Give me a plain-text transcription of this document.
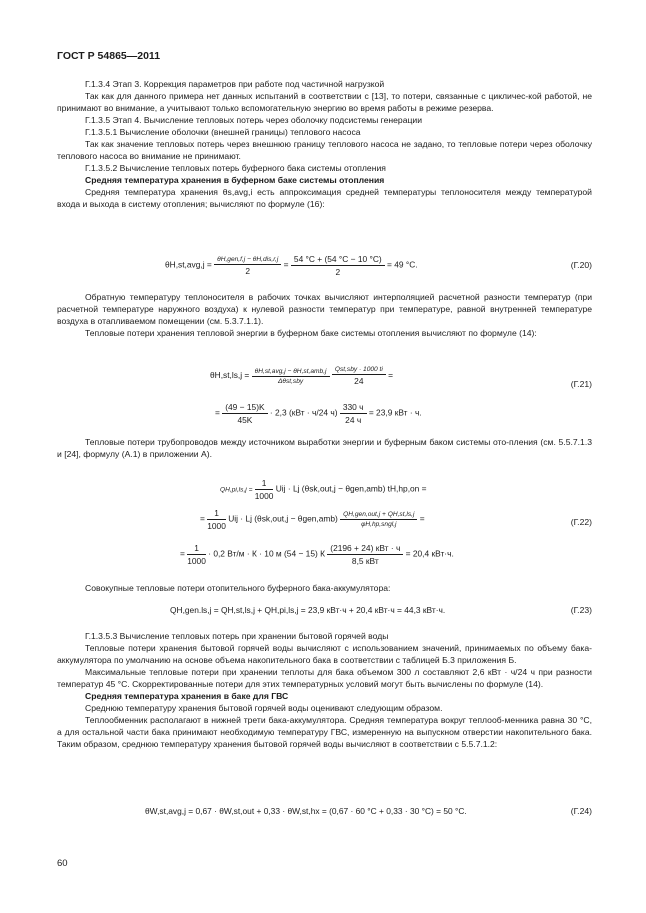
ГОСТ Р 54865—2011

Г.1.3.4 Этап 3. Коррекция параметров при работе под частичной нагрузкой

Так как для данного примера нет данных испытаний в соответствии с [13], то потери, связанные с цикличес-кой работой, не принимают во внимание, а учитывают только вспомогательную энергию во время работы в режиме резерва.

Г.1.3.5 Этап 4. Вычисление тепловых потерь через оболочку подсистемы генерации

Г.1.3.5.1 Вычисление оболочки (внешней границы) теплового насоса

Так как значение тепловых потерь через внешнюю границу теплового насоса не задано, то тепловые потери через оболочку теплового насоса во внимание не принимают.

Г.1.3.5.2 Вычисление тепловых потерь буферного бака системы отопления

Средняя температура хранения в буферном баке системы отопления

Средняя температура хранения θs,avg,i есть аппроксимация средней температуры теплоносителя между температурой входа и выхода в систему отопления; вычисляют по формуле (16):

$\theta H,st,avg,j = \frac{\text{θH,gen,f,j − θH,dis,r,j}}{2} = \frac{54 ^\circ C + (54 ^\circ C - 10 ^\circ C)}{2} = 49$ °C.	(Г.20)

Обратную температуру теплоносителя в рабочих точках вычисляют интерполяцией расчетной разности температур (при расчетной температуре наружного воздуха) к нулевой разности температур при температуре, равной внутренней температуре воздуха в отапливаемом помещении (см. 5.3.7.1.1).

Тепловые потери хранения тепловой энергии в буферном баке системы отопления вычисляют по формуле (14):

$\theta H,st,ls,j = \frac{\text{θH,st,avg,j − θH,st,amb,j}}{\text{Δθst,sby}}$
$\frac{\text{Qst,sby · 1000 ti}}{24}$ =
= $\frac{(49 - 15)K}{45K} \cdot 2,3$ (кВт · ч/24 $ч) \frac{330 ч}{24 ч} = 23,9$ кВт · ч.
(Г.21)

Тепловые потери трубопроводов между источником выработки энергии и буферным баком системы ото-пления (см. 5.5.7.1.3 и [24], формулу (А.1) в приложении А).

$QH,pi,ls,j = \frac{1}{1000}$ Uij · Lj (θsk,out,j − θgen,amb) tH,hp,on =
= $\frac{1}{1000}$ Uij · Lj $(\theta sk,out,j - \theta gen,amb) \frac{\text{QH,gen,out,j + QH,st,ls,j}}{\text{φH,hp,sngl,j}}$ =	(Г.22)
= $\frac{1}{1000} \cdot 0,2$ Вт/м · К · 10 м (54 − 15) К $\frac{\text{(2196 + 24) кВт · ч}}{\text{8,5 кВт}} = 20,4$ кВт·ч.

Совокупные тепловые потери отопительного буферного бака-аккумулятора:

QH,gen.ls,j = QH,st,ls,j + QH,pi,ls,j = 23,9 кВт·ч + 20,4 кВт·ч = 44,3 кВт·ч.	(Г.23)

Г.1.3.5.3 Вычисление тепловых потерь при хранении бытовой горячей воды

Тепловые потери хранения бытовой горячей воды вычисляют с использованием значений, принимаемых по объему бака-аккумулятора по умолчанию на основе объема накопительного бака в соответствии с таблицей Б.3 приложения Б.

Максимальные тепловые потери при хранении теплоты для бака объемом 300 л составляют 2,6 кВт · ч/24 ч при разности температур 45 °C. Скорректированные потери для этих температурных условий могут быть вычислены по формуле (14).

Средняя температура хранения в баке для ГВС

Среднюю температуру хранения бытовой горячей воды оценивают следующим образом.

Теплообменник располагают в нижней трети бака-аккумулятора. Средняя температура вокруг теплооб-менника равна 30 °C, а для остальной части бака принимают необходимую температуру ГВС, измеренную на выпускном отверстии накопительного бака. Таким образом, среднюю температуру хранения бытовой горячей воды вычисляют в соответствии с 5.5.7.1.2:

θW,st,avg,j = 0,67 · θW,st,out + 0,33 · θW,st,hx = (0,67 · 60 °C + 0,33 · 30 °C) = 50 °C.	(Г.24)
60
